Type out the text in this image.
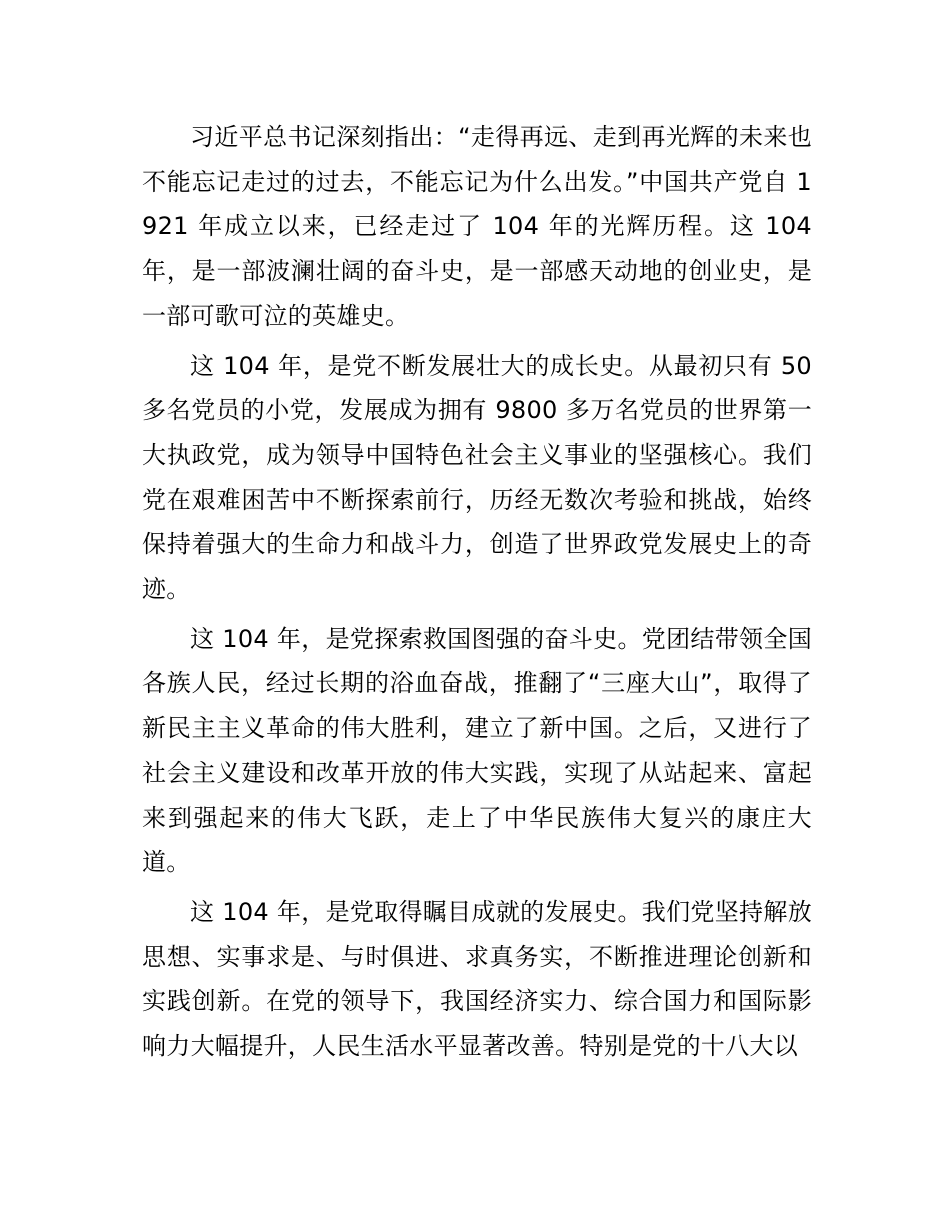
习近平总书记深刻指出：“走得再远、走到再光辉的未来也不能忘记走过的过去，不能忘记为什么出发。”中国共产党自 1921 年成立以来，已经走过了 104 年的光辉历程。这 104 年，是一部波澜壮阔的奋斗史，是一部感天动地的创业史，是一部可歌可泣的英雄史。

这 104 年，是党不断发展壮大的成长史。从最初只有 50 多名党员的小党，发展成为拥有 9800 多万名党员的世界第一大执政党，成为领导中国特色社会主义事业的坚强核心。我们党在艰难困苦中不断探索前行，历经无数次考验和挑战，始终保持着强大的生命力和战斗力，创造了世界政党发展史上的奇迹。

这 104 年，是党探索救国图强的奋斗史。党团结带领全国各族人民，经过长期的浴血奋战，推翻了“三座大山”，取得了新民主主义革命的伟大胜利，建立了新中国。之后，又进行了社会主义建设和改革开放的伟大实践，实现了从站起来、富起来到强起来的伟大飞跃，走上了中华民族伟大复兴的康庄大道。

这 104 年，是党取得瞩目成就的发展史。我们党坚持解放思想、实事求是、与时俱进、求真务实，不断推进理论创新和实践创新。在党的领导下，我国经济实力、综合国力和国际影响力大幅提升，人民生活水平显著改善。特别是党的十八大以
